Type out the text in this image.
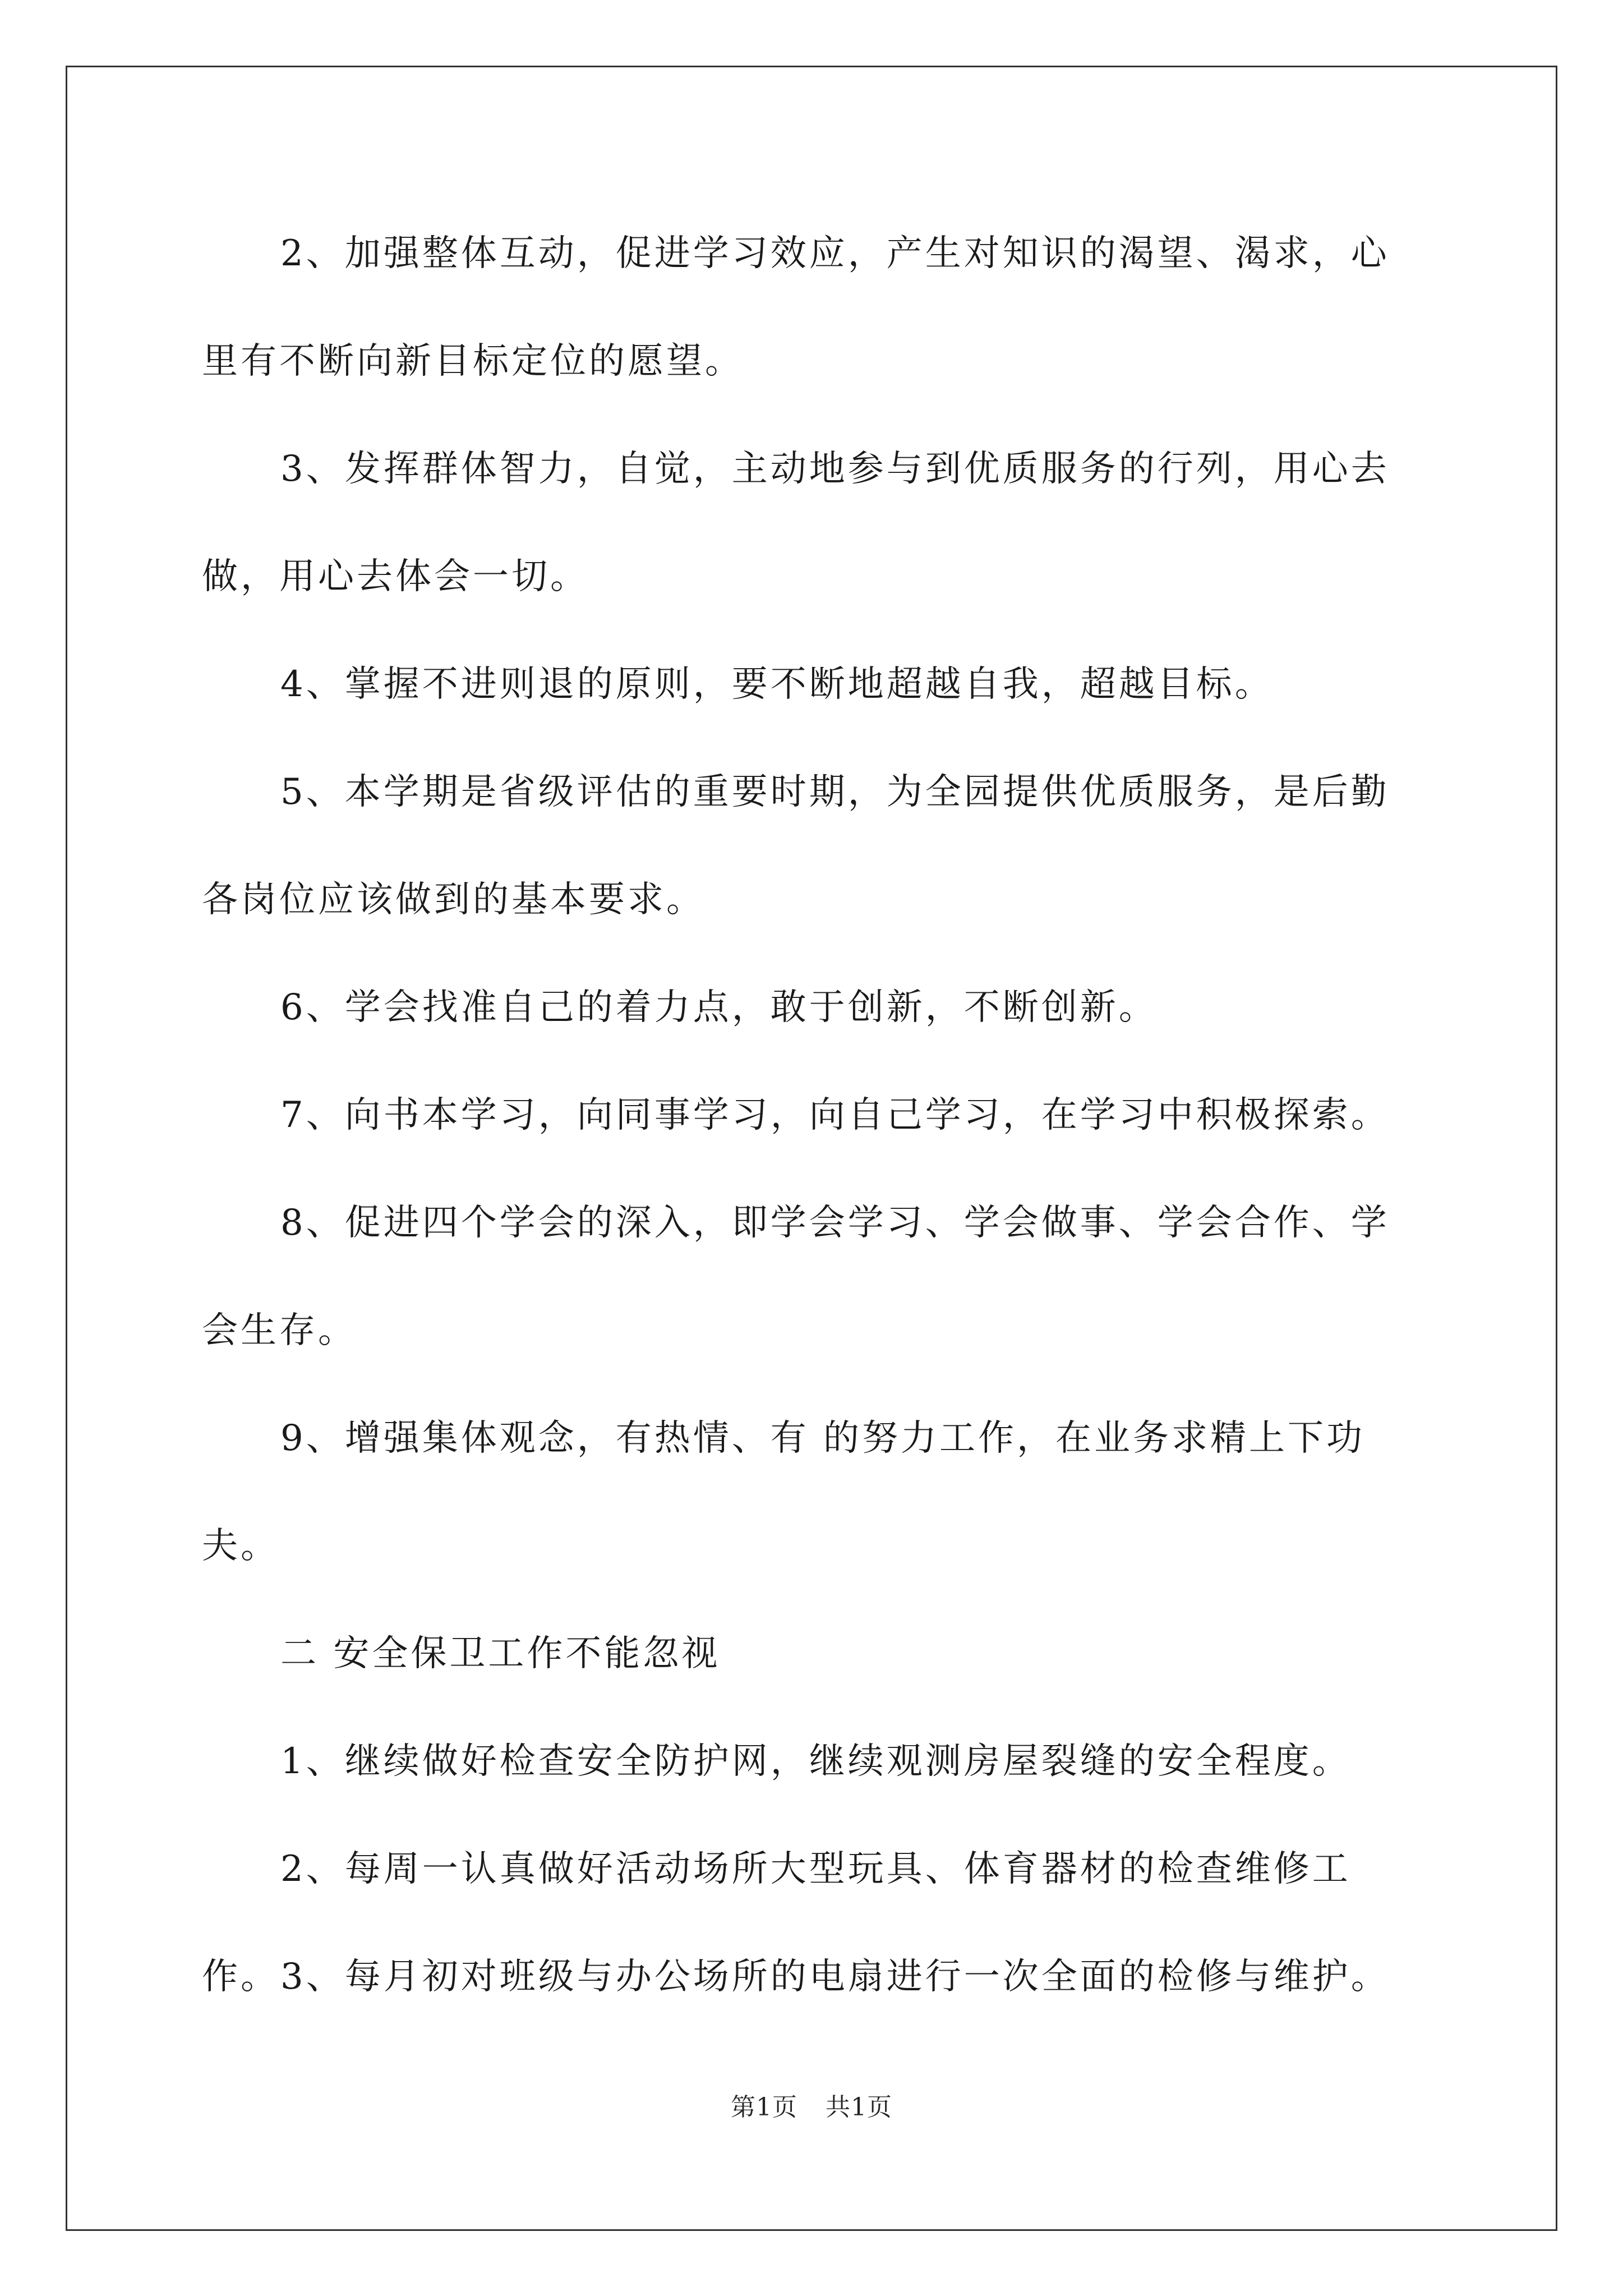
2、加强整体互动，促进学习效应，产生对知识的渴望、渴求，心里有不断向新目标定位的愿望。

3、发挥群体智力，自觉，主动地参与到优质服务的行列，用心去做，用心去体会一切。

4、掌握不进则退的原则，要不断地超越自我，超越目标。

5、本学期是省级评估的重要时期，为全园提供优质服务，是后勤各岗位应该做到的基本要求。

6、学会找准自己的着力点，敢于创新，不断创新。

7、向书本学习，向同事学习，向自己学习，在学习中积极探索。

8、促进四个学会的深入，即学会学习、学会做事、学会合作、学会生存。

9、增强集体观念，有热情、有 的努力工作，在业务求精上下功夫。

二 安全保卫工作不能忽视

1、继续做好检查安全防护网，继续观测房屋裂缝的安全程度。

2、每周一认真做好活动场所大型玩具、体育器材的检查维修工作。 3、每月初对班级与办公场所的电扇进行一次全面的检修与维护。

第1页 共1页
